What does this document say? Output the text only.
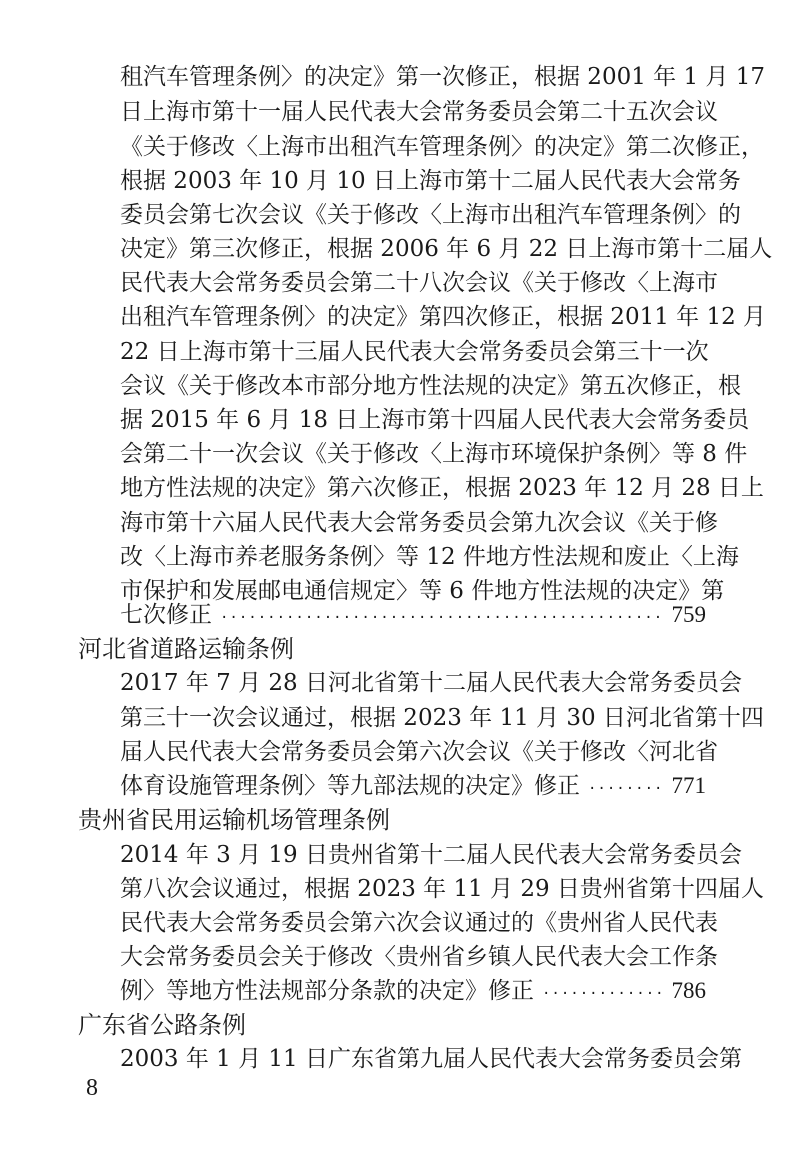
租汽车管理条例〉的决定》第一次修正，根据 2001 年 1 月 17
日上海市第十一届人民代表大会常务委员会第二十五次会议
《关于修改〈上海市出租汽车管理条例〉的决定》第二次修正，
根据 2003 年 10 月 10 日上海市第十二届人民代表大会常务
委员会第七次会议《关于修改〈上海市出租汽车管理条例〉的
决定》第三次修正，根据 2006 年 6 月 22 日上海市第十二届人
民代表大会常务委员会第二十八次会议《关于修改〈上海市
出租汽车管理条例〉的决定》第四次修正，根据 2011 年 12 月
22 日上海市第十三届人民代表大会常务委员会第三十一次
会议《关于修改本市部分地方性法规的决定》第五次修正，根
据 2015 年 6 月 18 日上海市第十四届人民代表大会常务委员
会第二十一次会议《关于修改〈上海市环境保护条例〉等 8 件
地方性法规的决定》第六次修正，根据 2023 年 12 月 28 日上
海市第十六届人民代表大会常务委员会第九次会议《关于修
改〈上海市养老服务条例〉等 12 件地方性法规和废止〈上海
市保护和发展邮电通信规定〉等 6 件地方性法规的决定》第
七次修正 ·····	759
河北省道路运输条例
2017 年 7 月 28 日河北省第十二届人民代表大会常务委员会
第三十一次会议通过，根据 2023 年 11 月 30 日河北省第十四
届人民代表大会常务委员会第六次会议《关于修改〈河北省
体育设施管理条例〉等九部法规的决定》修正 ·····	771
贵州省民用运输机场管理条例
2014 年 3 月 19 日贵州省第十二届人民代表大会常务委员会
第八次会议通过，根据 2023 年 11 月 29 日贵州省第十四届人
民代表大会常务委员会第六次会议通过的《贵州省人民代表
大会常务委员会关于修改〈贵州省乡镇人民代表大会工作条
例〉等地方性法规部分条款的决定》修正 ·····	786
广东省公路条例
2003 年 1 月 11 日广东省第九届人民代表大会常务委员会第
8
